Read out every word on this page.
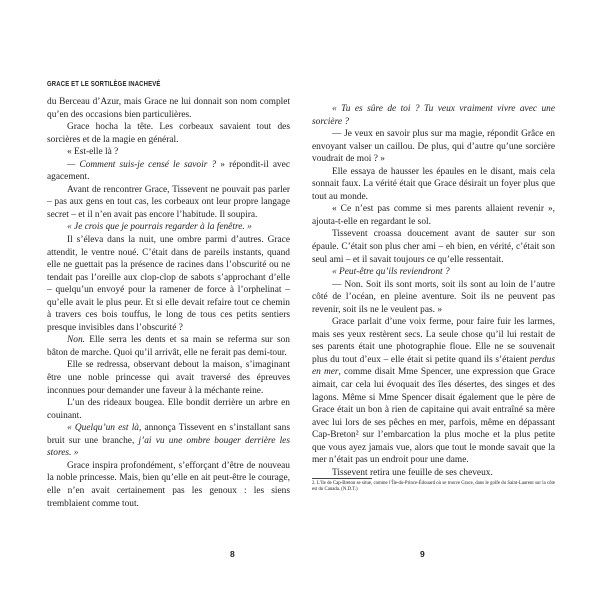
GRACE ET LE SORTILÈGE INACHEVÉ

du Berceau d’Azur, mais Grace ne lui donnait son nom complet qu’en des occasions bien particulières.

Grace hocha la tête. Les corbeaux savaient tout des sorcières et de la magie en général.

« Est-elle là ?

— Comment suis-je censé le savoir ? » répondit-il avec agacement.

Avant de rencontrer Grace, Tissevent ne pouvait pas parler – pas aux gens en tout cas, les corbeaux ont leur propre langage secret – et il n’en avait pas encore l’habitude. Il soupira.

« Je crois que je pourrais regarder à la fenêtre. »

Il s’éleva dans la nuit, une ombre parmi d’autres. Grace attendit, le ventre noué. C’était dans de pareils instants, quand elle ne guettait pas la présence de racines dans l’obscurité ou ne tendait pas l’oreille aux clop-clop de sabots s’approchant d’elle – quelqu’un envoyé pour la ramener de force à l’orphelinat – qu’elle avait le plus peur. Et si elle devait refaire tout ce chemin à travers ces bois touffus, le long de tous ces petits sentiers presque invisibles dans l’obscurité ?

Non. Elle serra les dents et sa main se referma sur son bâton de marche. Quoi qu’il arrivât, elle ne ferait pas demi-tour.

Elle se redressa, observant debout la maison, s’imaginant être une noble princesse qui avait traversé des épreuves inconnues pour demander une faveur à la méchante reine.

L’un des rideaux bougea. Elle bondit derrière un arbre en couinant.

« Quelqu’un est là, annonça Tissevent en s’installant sans bruit sur une branche, j’ai vu une ombre bouger derrière les stores. »

Grace inspira profondément, s’efforçant d’être de nouveau la noble princesse. Mais, bien qu’elle en ait peut-être le courage, elle n’en avait certainement pas les genoux : les siens tremblaient comme tout.

8

« Tu es sûre de toi ? Tu veux vraiment vivre avec une sorcière ?

— Je veux en savoir plus sur ma magie, répondit Grâce en envoyant valser un caillou. De plus, qui d’autre qu’une sorcière voudrait de moi ? »

Elle essaya de hausser les épaules en le disant, mais cela sonnait faux. La vérité était que Grace désirait un foyer plus que tout au monde.

« Ce n’est pas comme si mes parents allaient revenir », ajouta-t-elle en regardant le sol.

Tissevent croassa doucement avant de sauter sur son épaule. C’était son plus cher ami – eh bien, en vérité, c’était son seul ami – et il savait toujours ce qu’elle ressentait.

« Peut-être qu’ils reviendront ?

— Non. Soit ils sont morts, soit ils sont au loin de l’autre côté de l’océan, en pleine aventure. Soit ils ne peuvent pas revenir, soit ils ne le veulent pas. »

Grace parlait d’une voix ferme, pour faire fuir les larmes, mais ses yeux restèrent secs. La seule chose qu’il lui restait de ses parents était une photographie floue. Elle ne se souvenait plus du tout d’eux – elle était si petite quand ils s’étaient perdus en mer, comme disait Mme Spencer, une expression que Grace aimait, car cela lui évoquait des îles désertes, des singes et des lagons. Même si Mme Spencer disait également que le père de Grace était un bon à rien de capitaine qui avait entraîné sa mère avec lui lors de ses pêches en mer, parfois, même en dépassant Cap-Breton² sur l’embarcation la plus moche et la plus petite que vous ayez jamais vue, alors que tout le monde savait que la mer n’était pas un endroit pour une dame.

Tissevent retira une feuille de ses cheveux.

2. L’île de Cap-Breton se situe, comme l’Île-du-Prince-Édouard où se trouve Grace, dans le golfe du Saint-Laurent sur la côte est du Canada. (N.D.T.)
9
